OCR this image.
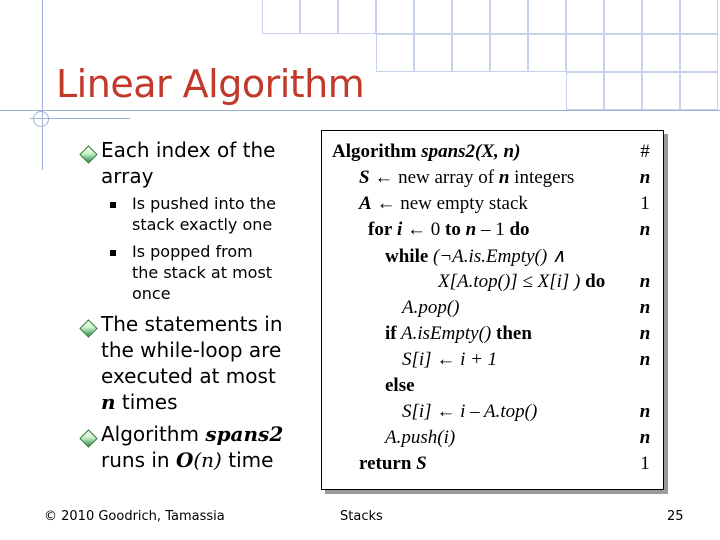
Linear Algorithm
Each index of the
array
Is pushed into the
stack exactly one
Is popped from
the stack at most
once
The statements in
the while-loop are
executed at most
n times
Algorithm spans2
runs in O(n) time
Algorithm spans2(X, n)	#
S ← new array of n integers	n
A ← new empty stack	1
for i ← 0 to n – 1 do	n
while (¬A.is.Empty() ∧
X[A.top()] ≤ X[i] ) do n
A.pop()	n
if A.isEmpty() then	n
S[i] ← i + 1	n
else
S[i] ← i – A.top()	n
A.push(i)	n
return S	1
© 2010 Goodrich, Tamassia	Stacks	25
